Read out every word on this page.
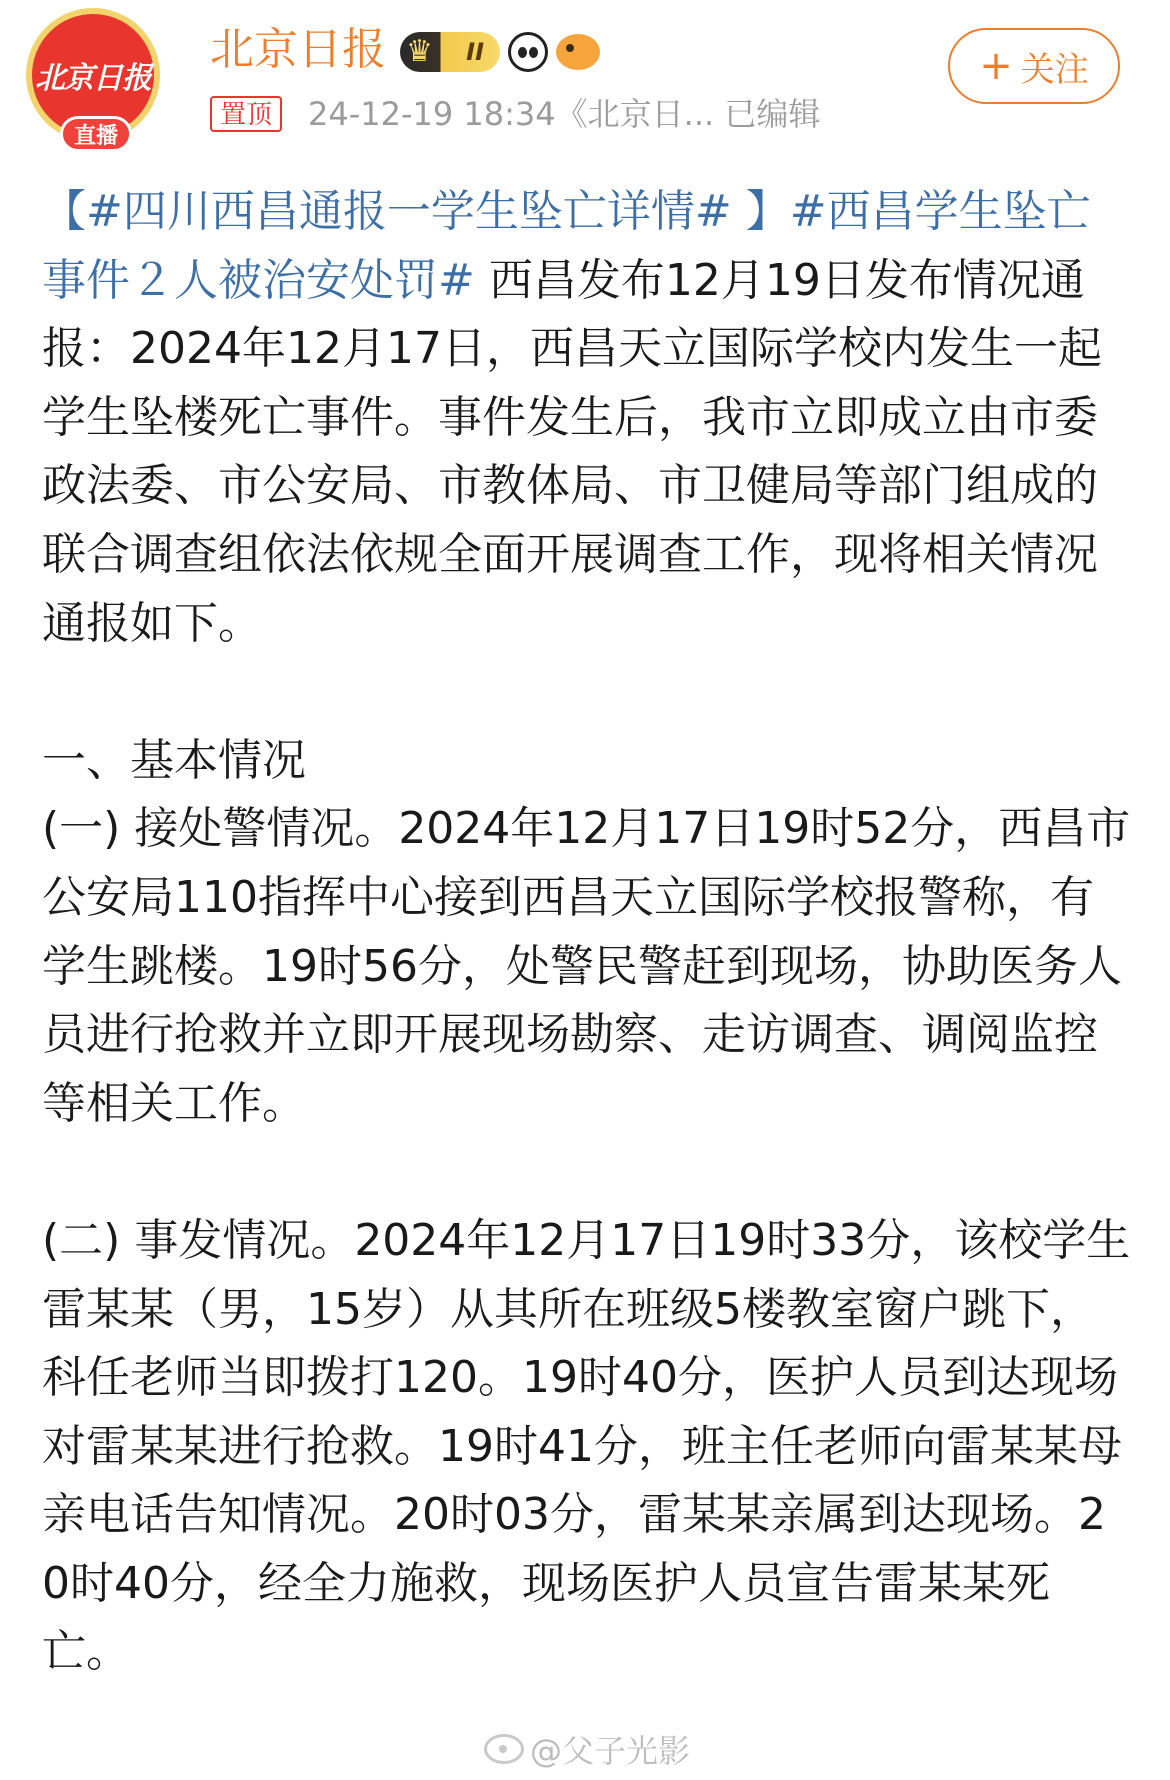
北京日报
直播
北京日报 ♛ II
置顶	24-12-19 18:34《北京日... 已编辑
+ 关注

【#四川西昌通报一学生坠亡详情# 】#西昌学生坠亡事件２人被治安处罚# 西昌发布12月19日发布情况通报：2024年12月17日，西昌天立国际学校内发生一起学生坠楼死亡事件。事件发生后，我市立即成立由市委政法委、市公安局、市教体局、市卫健局等部门组成的联合调查组依法依规全面开展调查工作，现将相关情况通报如下。

一、基本情况

(一) 接处警情况。2024年12月17日19时52分，西昌市公安局110指挥中心接到西昌天立国际学校报警称，有学生跳楼。19时56分，处警民警赶到现场，协助医务人员进行抢救并立即开展现场勘察、走访调查、调阅监控等相关工作。

(二) 事发情况。2024年12月17日19时33分，该校学生雷某某（男，15岁）从其所在班级5楼教室窗户跳下，科任老师当即拨打120。19时40分，医护人员到达现场对雷某某进行抢救。19时41分，班主任老师向雷某某母亲电话告知情况。20时03分，雷某某亲属到达现场。20时40分，经全力施救，现场医护人员宣告雷某某死亡。

@父子光影
